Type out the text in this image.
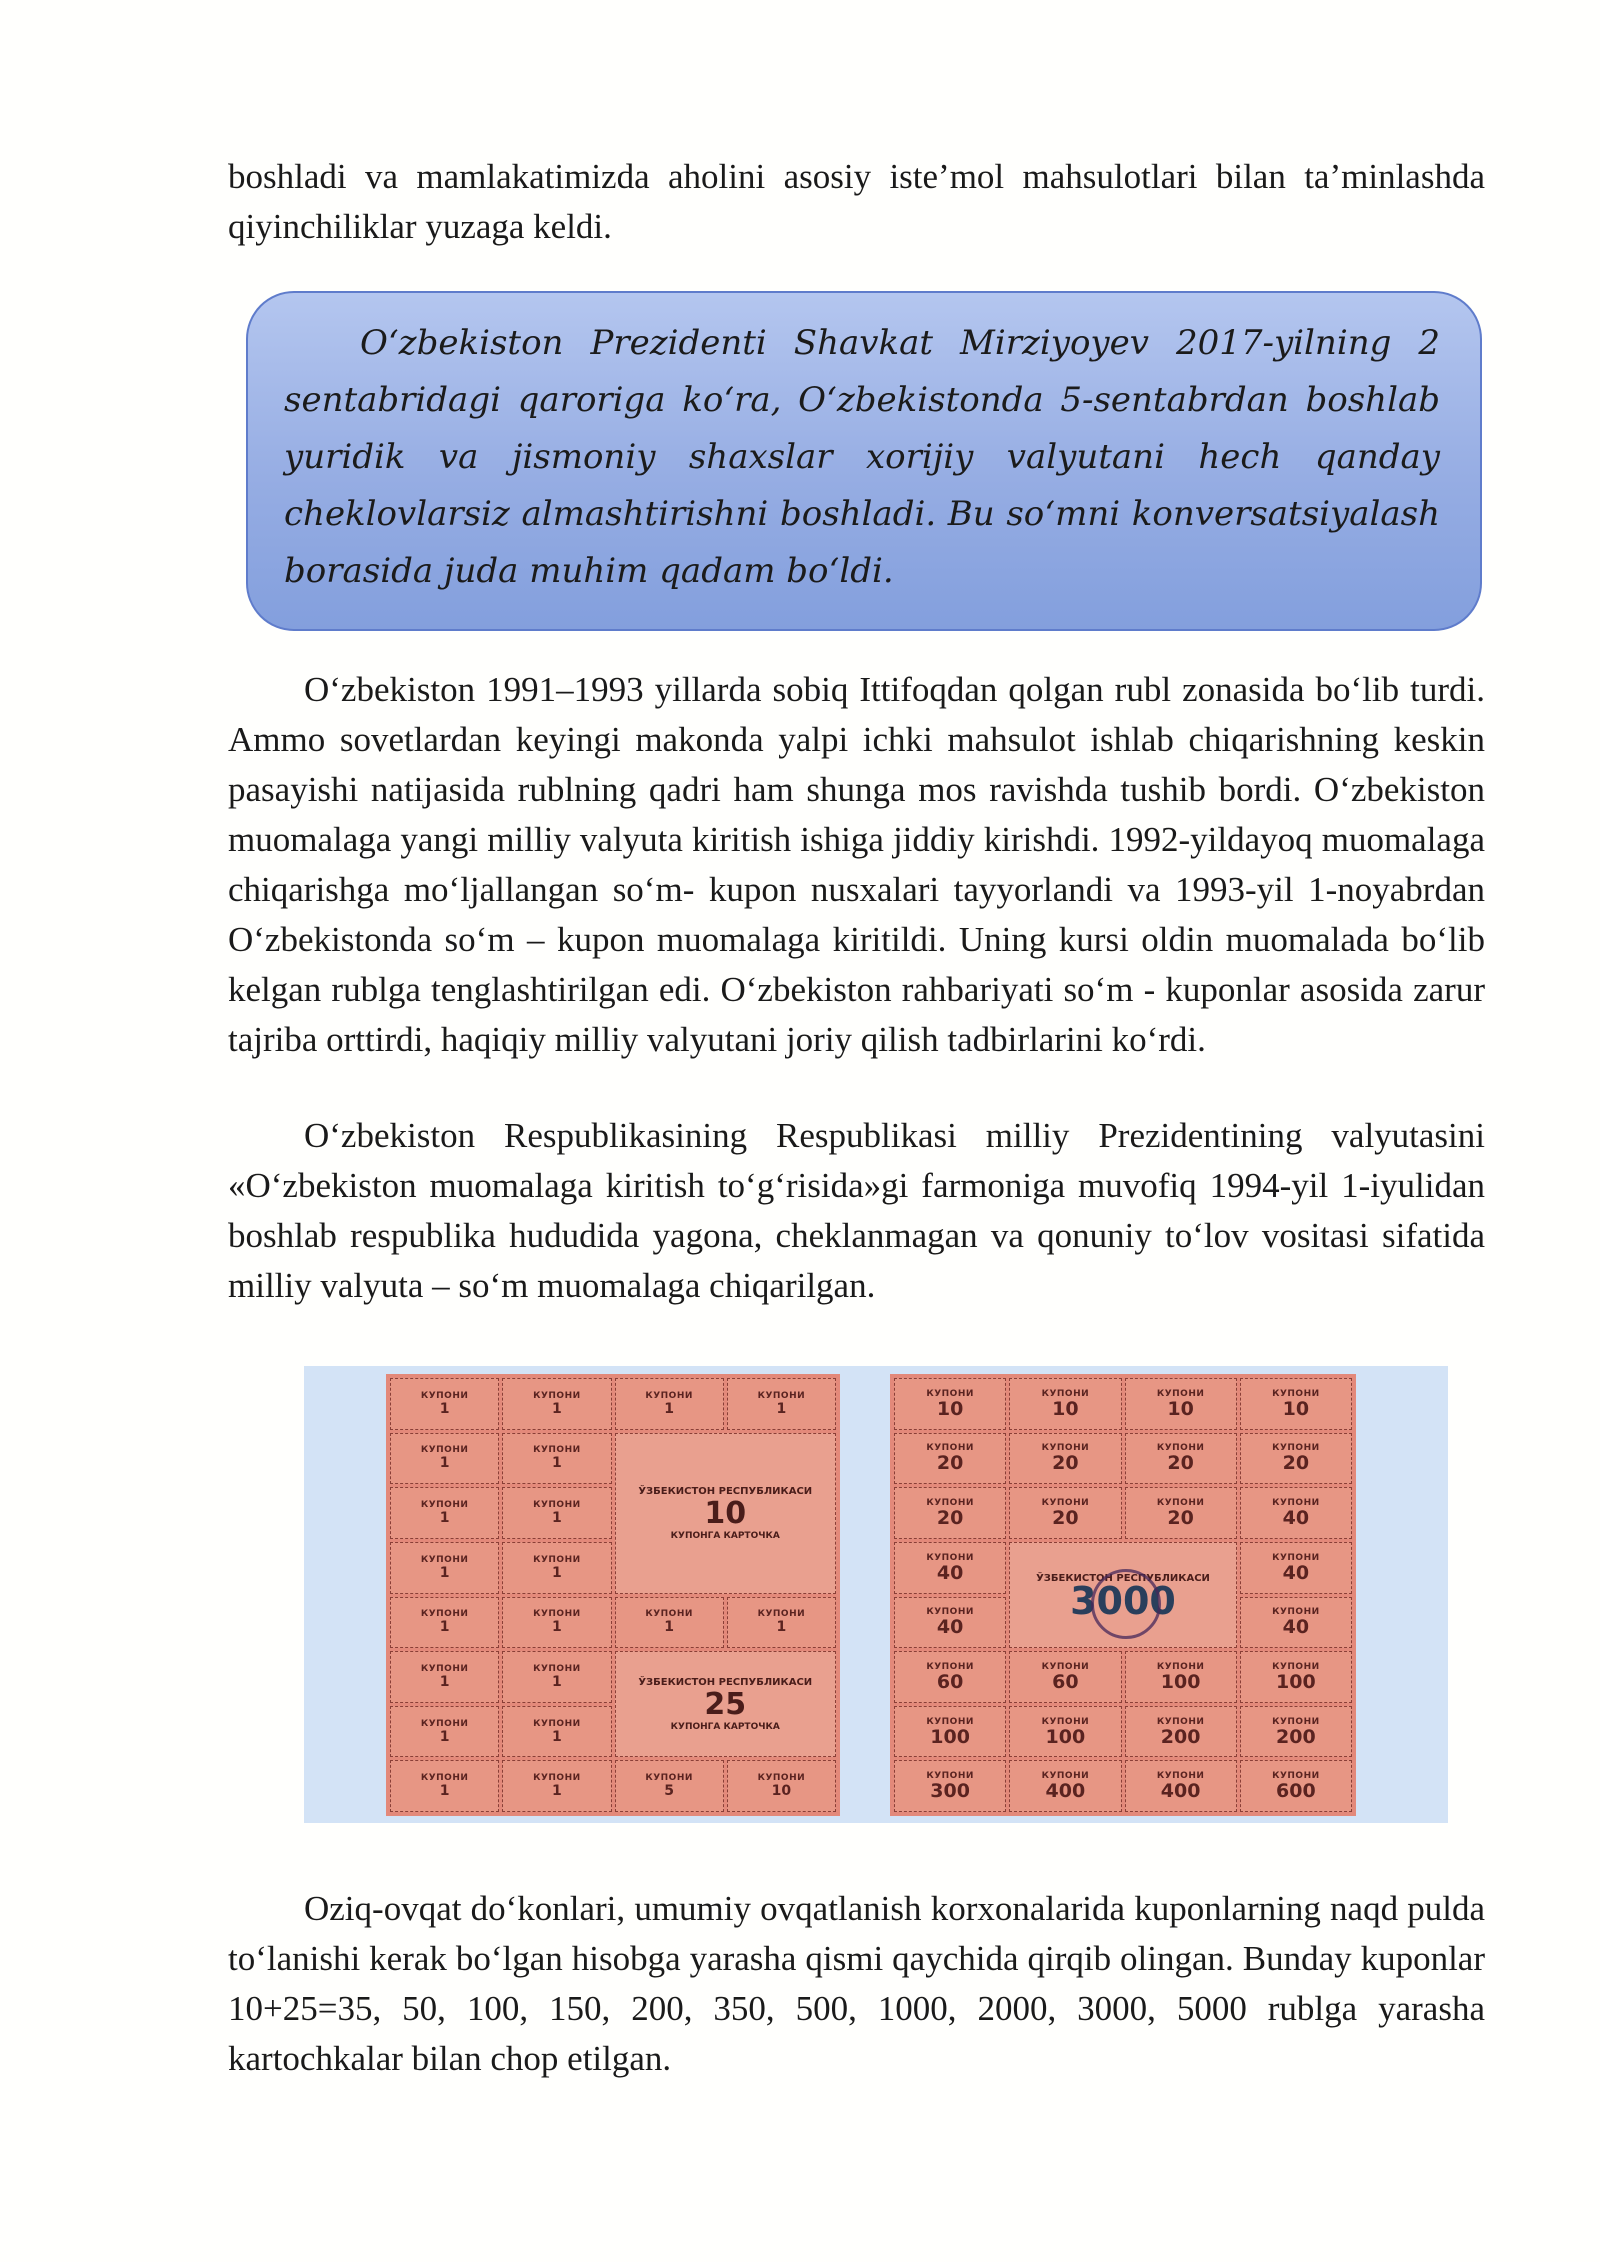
boshladi va mamlakatimizda aholini asosiy iste’mol mahsulotlari bilan ta’minlashda qiyinchiliklar yuzaga keldi.

O‘zbekiston Prezidenti Shavkat Mirziyoyev 2017-yilning 2 sentabridagi qaroriga ko‘ra, O‘zbekistonda 5-sentabrdan boshlab yuridik va jismoniy shaxslar xorijiy valyutani hech qanday cheklovlarsiz almashtirishni boshladi. Bu so‘mni konversatsiyalash borasida juda muhim qadam bo‘ldi.

O‘zbekiston 1991–1993 yillarda sobiq Ittifoqdan qolgan rubl zonasida bo‘lib turdi. Ammo sovetlardan keyingi makonda yalpi ichki mahsulot ishlab chiqarishning keskin pasayishi natijasida rublning qadri ham shunga mos ravishda tushib bordi. O‘zbekiston muomalaga yangi milliy valyuta kiritish ishiga jiddiy kirishdi. 1992-yildayoq muomalaga chiqarishga mo‘ljallangan so‘m- kupon nusxalari tayyorlandi va 1993-yil 1-noyabrdan O‘zbekistonda so‘m – kupon muomalaga kiritildi. Uning kursi oldin muomalada bo‘lib kelgan rublga tenglashtirilgan edi. O‘zbekiston rahbariyati so‘m - kuponlar asosida zarur tajriba orttirdi, haqiqiy milliy valyutani joriy qilish tadbirlarini ko‘rdi.

O‘zbekiston Respublikasining Respublikasi milliy Prezidentining valyutasini «O‘zbekiston muomalaga kiritish to‘g‘risida»gi farmoniga muvofiq 1994-yil 1-iyulidan boshlab respublika hududida yagona, cheklanmagan va qonuniy to‘lov vositasi sifatida milliy valyuta – so‘m muomalaga chiqarilgan.

КУПОНИ
1
КУПОНИ
1
КУПОНИ
1
КУПОНИ
1
КУПОНИ
1
КУПОНИ
1
ЎЗБЕКИСТОН РЕСПУБЛИКАСИ
10
КУПОНГА КАРТОЧКА
КУПОНИ
1
КУПОНИ
1
КУПОНИ
1
КУПОНИ
1
КУПОНИ
1
КУПОНИ
1
КУПОНИ
1
КУПОНИ
1
КУПОНИ
1
КУПОНИ
1	ЎЗБЕКИСТОН РЕСПУБЛИКАСИ
25
КУПОНГА КАРТОЧКА
КУПОНИ
1
КУПОНИ
1
КУПОНИ
1
КУПОНИ
1
КУПОНИ
5
КУПОНИ
10
КУПОНИ
10
КУПОНИ
10
КУПОНИ
10
КУПОНИ
10
КУПОНИ
20
КУПОНИ
20
КУПОНИ
20
КУПОНИ
20
КУПОНИ
20
КУПОНИ
20
КУПОНИ
20
КУПОНИ
40
КУПОНИ
40	ЎЗБЕКИСТОН РЕСПУБЛИКАСИ
3000
КУПОНИ
40
КУПОНИ
40
КУПОНИ
40
КУПОНИ
60
КУПОНИ
60
КУПОНИ
100
КУПОНИ
100
КУПОНИ
100
КУПОНИ
100
КУПОНИ
200
КУПОНИ
200
КУПОНИ
300
КУПОНИ
400
КУПОНИ
400
КУПОНИ
600

Oziq-ovqat do‘konlari, umumiy ovqatlanish korxonalarida kuponlarning naqd pulda to‘lanishi kerak bo‘lgan hisobga yarasha qismi qaychida qirqib olingan. Bunday kuponlar 10+25=35, 50, 100, 150, 200, 350, 500, 1000, 2000, 3000, 5000 rublga yarasha kartochkalar bilan chop etilgan.
